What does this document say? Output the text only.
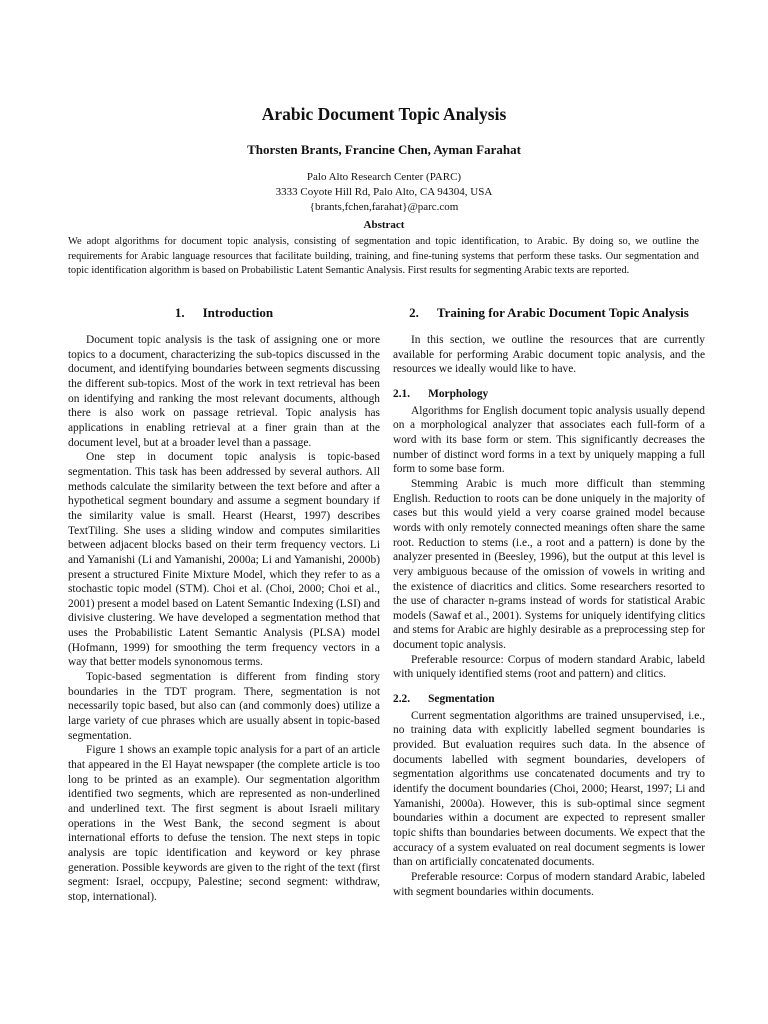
Arabic Document Topic Analysis
Thorsten Brants, Francine Chen, Ayman Farahat
Palo Alto Research Center (PARC)
3333 Coyote Hill Rd, Palo Alto, CA 94304, USA
{brants,fchen,farahat}@parc.com
Abstract

We adopt algorithms for document topic analysis, consisting of segmentation and topic identification, to Arabic. By doing so, we outline the requirements for Arabic language resources that facilitate building, training, and fine-tuning systems that perform these tasks. Our segmentation and topic identification algorithm is based on Probabilistic Latent Semantic Analysis. First results for segmenting Arabic texts are reported.

1. Introduction

Document topic analysis is the task of assigning one or more topics to a document, characterizing the sub-topics discussed in the document, and identifying boundaries between segments discussing the different sub-topics. Most of the work in text retrieval has been on identifying and ranking the most relevant documents, although there is also work on passage retrieval. Topic analysis has applications in enabling retrieval at a finer grain than at the document level, but at a broader level than a passage.

One step in document topic analysis is topic-based segmentation. This task has been addressed by several authors. All methods calculate the similarity between the text before and after a hypothetical segment boundary and assume a segment boundary if the similarity value is small. Hearst (Hearst, 1997) describes TextTiling. She uses a sliding window and computes similarities between adjacent blocks based on their term frequency vectors. Li and Yamanishi (Li and Yamanishi, 2000a; Li and Yamanishi, 2000b) present a structured Finite Mixture Model, which they refer to as a stochastic topic model (STM). Choi et al. (Choi, 2000; Choi et al., 2001) present a model based on Latent Semantic Indexing (LSI) and divisive clustering. We have developed a segmentation method that uses the Probabilistic Latent Semantic Analysis (PLSA) model (Hofmann, 1999) for smoothing the term frequency vectors in a way that better models synonomous terms.

Topic-based segmentation is different from finding story boundaries in the TDT program. There, segmentation is not necessarily topic based, but also can (and commonly does) utilize a large variety of cue phrases which are usually absent in topic-based segmentation.

Figure 1 shows an example topic analysis for a part of an article that appeared in the El Hayat newspaper (the complete article is too long to be printed as an example). Our segmentation algorithm identified two segments, which are represented as non-underlined and underlined text. The first segment is about Israeli military operations in the West Bank, the second segment is about international efforts to defuse the tension. The next steps in topic analysis are topic identification and keyword or key phrase generation. Possible keywords are given to the right of the text (first segment: Israel, occpupy, Palestine; second segment: withdraw, stop, international).

2. Training for Arabic Document Topic Analysis

In this section, we outline the resources that are currently available for performing Arabic document topic analysis, and the resources we ideally would like to have.

2.1. Morphology

Algorithms for English document topic analysis usually depend on a morphological analyzer that associates each full-form of a word with its base form or stem. This significantly decreases the number of distinct word forms in a text by uniquely mapping a full form to some base form.

Stemming Arabic is much more difficult than stemming English. Reduction to roots can be done uniquely in the majority of cases but this would yield a very coarse grained model because words with only remotely connected meanings often share the same root. Reduction to stems (i.e., a root and a pattern) is done by the analyzer presented in (Beesley, 1996), but the output at this level is very ambiguous because of the omission of vowels in writing and the existence of diacritics and clitics. Some researchers resorted to the use of character n-grams instead of words for statistical Arabic models (Sawaf et al., 2001). Systems for uniquely identifying clitics and stems for Arabic are highly desirable as a preprocessing step for document topic analysis.

Preferable resource: Corpus of modern standard Arabic, labeld with uniquely identified stems (root and pattern) and clitics.

2.2. Segmentation

Current segmentation algorithms are trained unsupervised, i.e., no training data with explicitly labelled segment boundaries is provided. But evaluation requires such data. In the absence of documents labelled with segment boundaries, developers of segmentation algorithms use concatenated documents and try to identify the document boundaries (Choi, 2000; Hearst, 1997; Li and Yamanishi, 2000a). However, this is sub-optimal since segment boundaries within a document are expected to represent smaller topic shifts than boundaries between documents. We expect that the accuracy of a system evaluated on real document segments is lower than on artificially concatenated documents.

Preferable resource: Corpus of modern standard Arabic, labeled with segment boundaries within documents.
